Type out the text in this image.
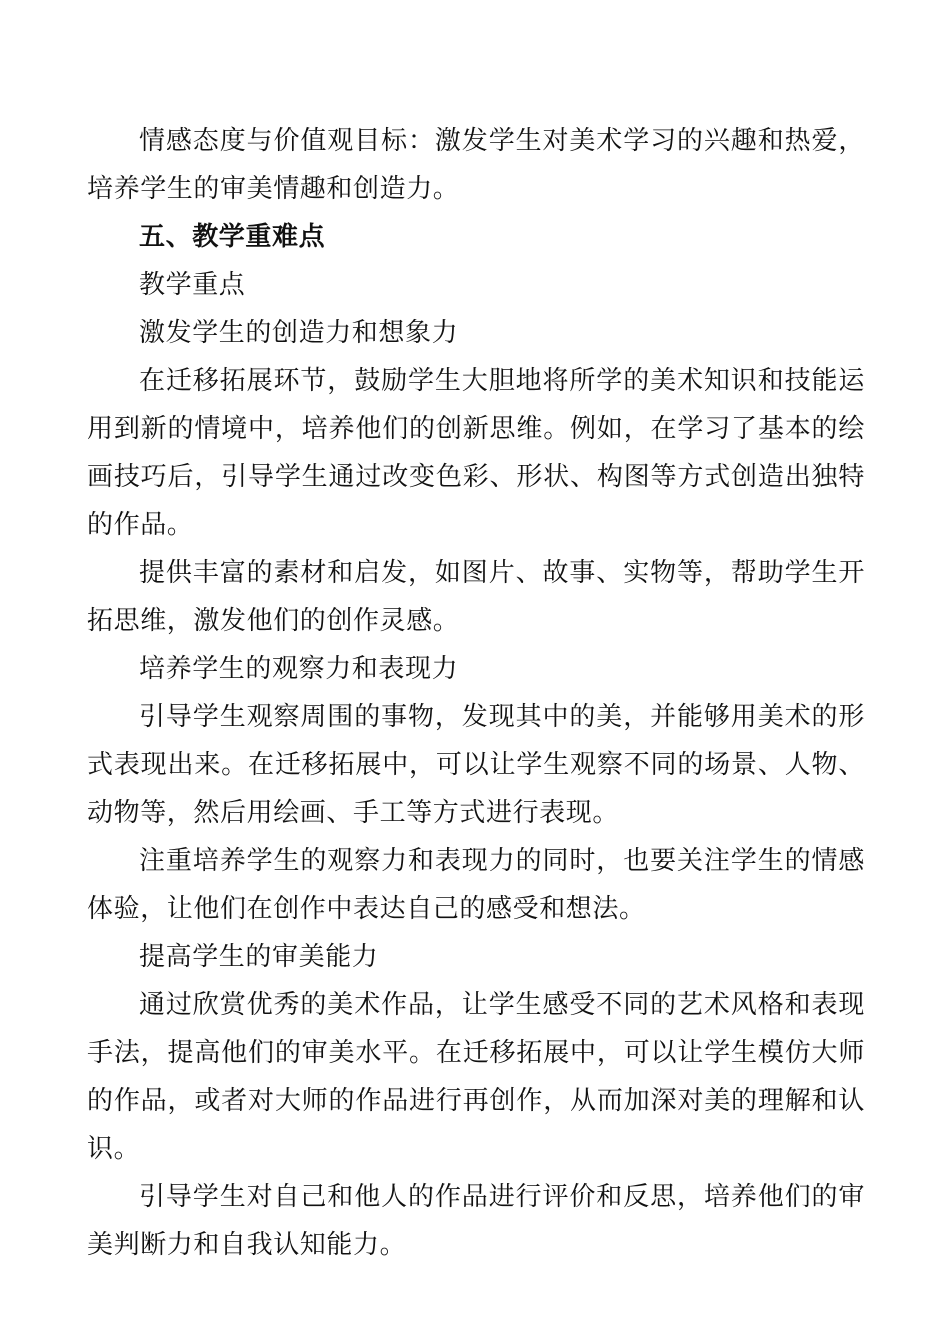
情感态度与价值观目标：激发学生对美术学习的兴趣和热爱，培养学生的审美情趣和创造力。

五、教学重难点

教学重点

激发学生的创造力和想象力

在迁移拓展环节，鼓励学生大胆地将所学的美术知识和技能运用到新的情境中，培养他们的创新思维。例如，在学习了基本的绘画技巧后，引导学生通过改变色彩、形状、构图等方式创造出独特的作品。

提供丰富的素材和启发，如图片、故事、实物等，帮助学生开拓思维，激发他们的创作灵感。

培养学生的观察力和表现力

引导学生观察周围的事物，发现其中的美，并能够用美术的形式表现出来。在迁移拓展中，可以让学生观察不同的场景、人物、动物等，然后用绘画、手工等方式进行表现。

注重培养学生的观察力和表现力的同时，也要关注学生的情感体验，让他们在创作中表达自己的感受和想法。

提高学生的审美能力

通过欣赏优秀的美术作品，让学生感受不同的艺术风格和表现手法，提高他们的审美水平。在迁移拓展中，可以让学生模仿大师的作品，或者对大师的作品进行再创作，从而加深对美的理解和认识。

引导学生对自己和他人的作品进行评价和反思，培养他们的审美判断力和自我认知能力。
